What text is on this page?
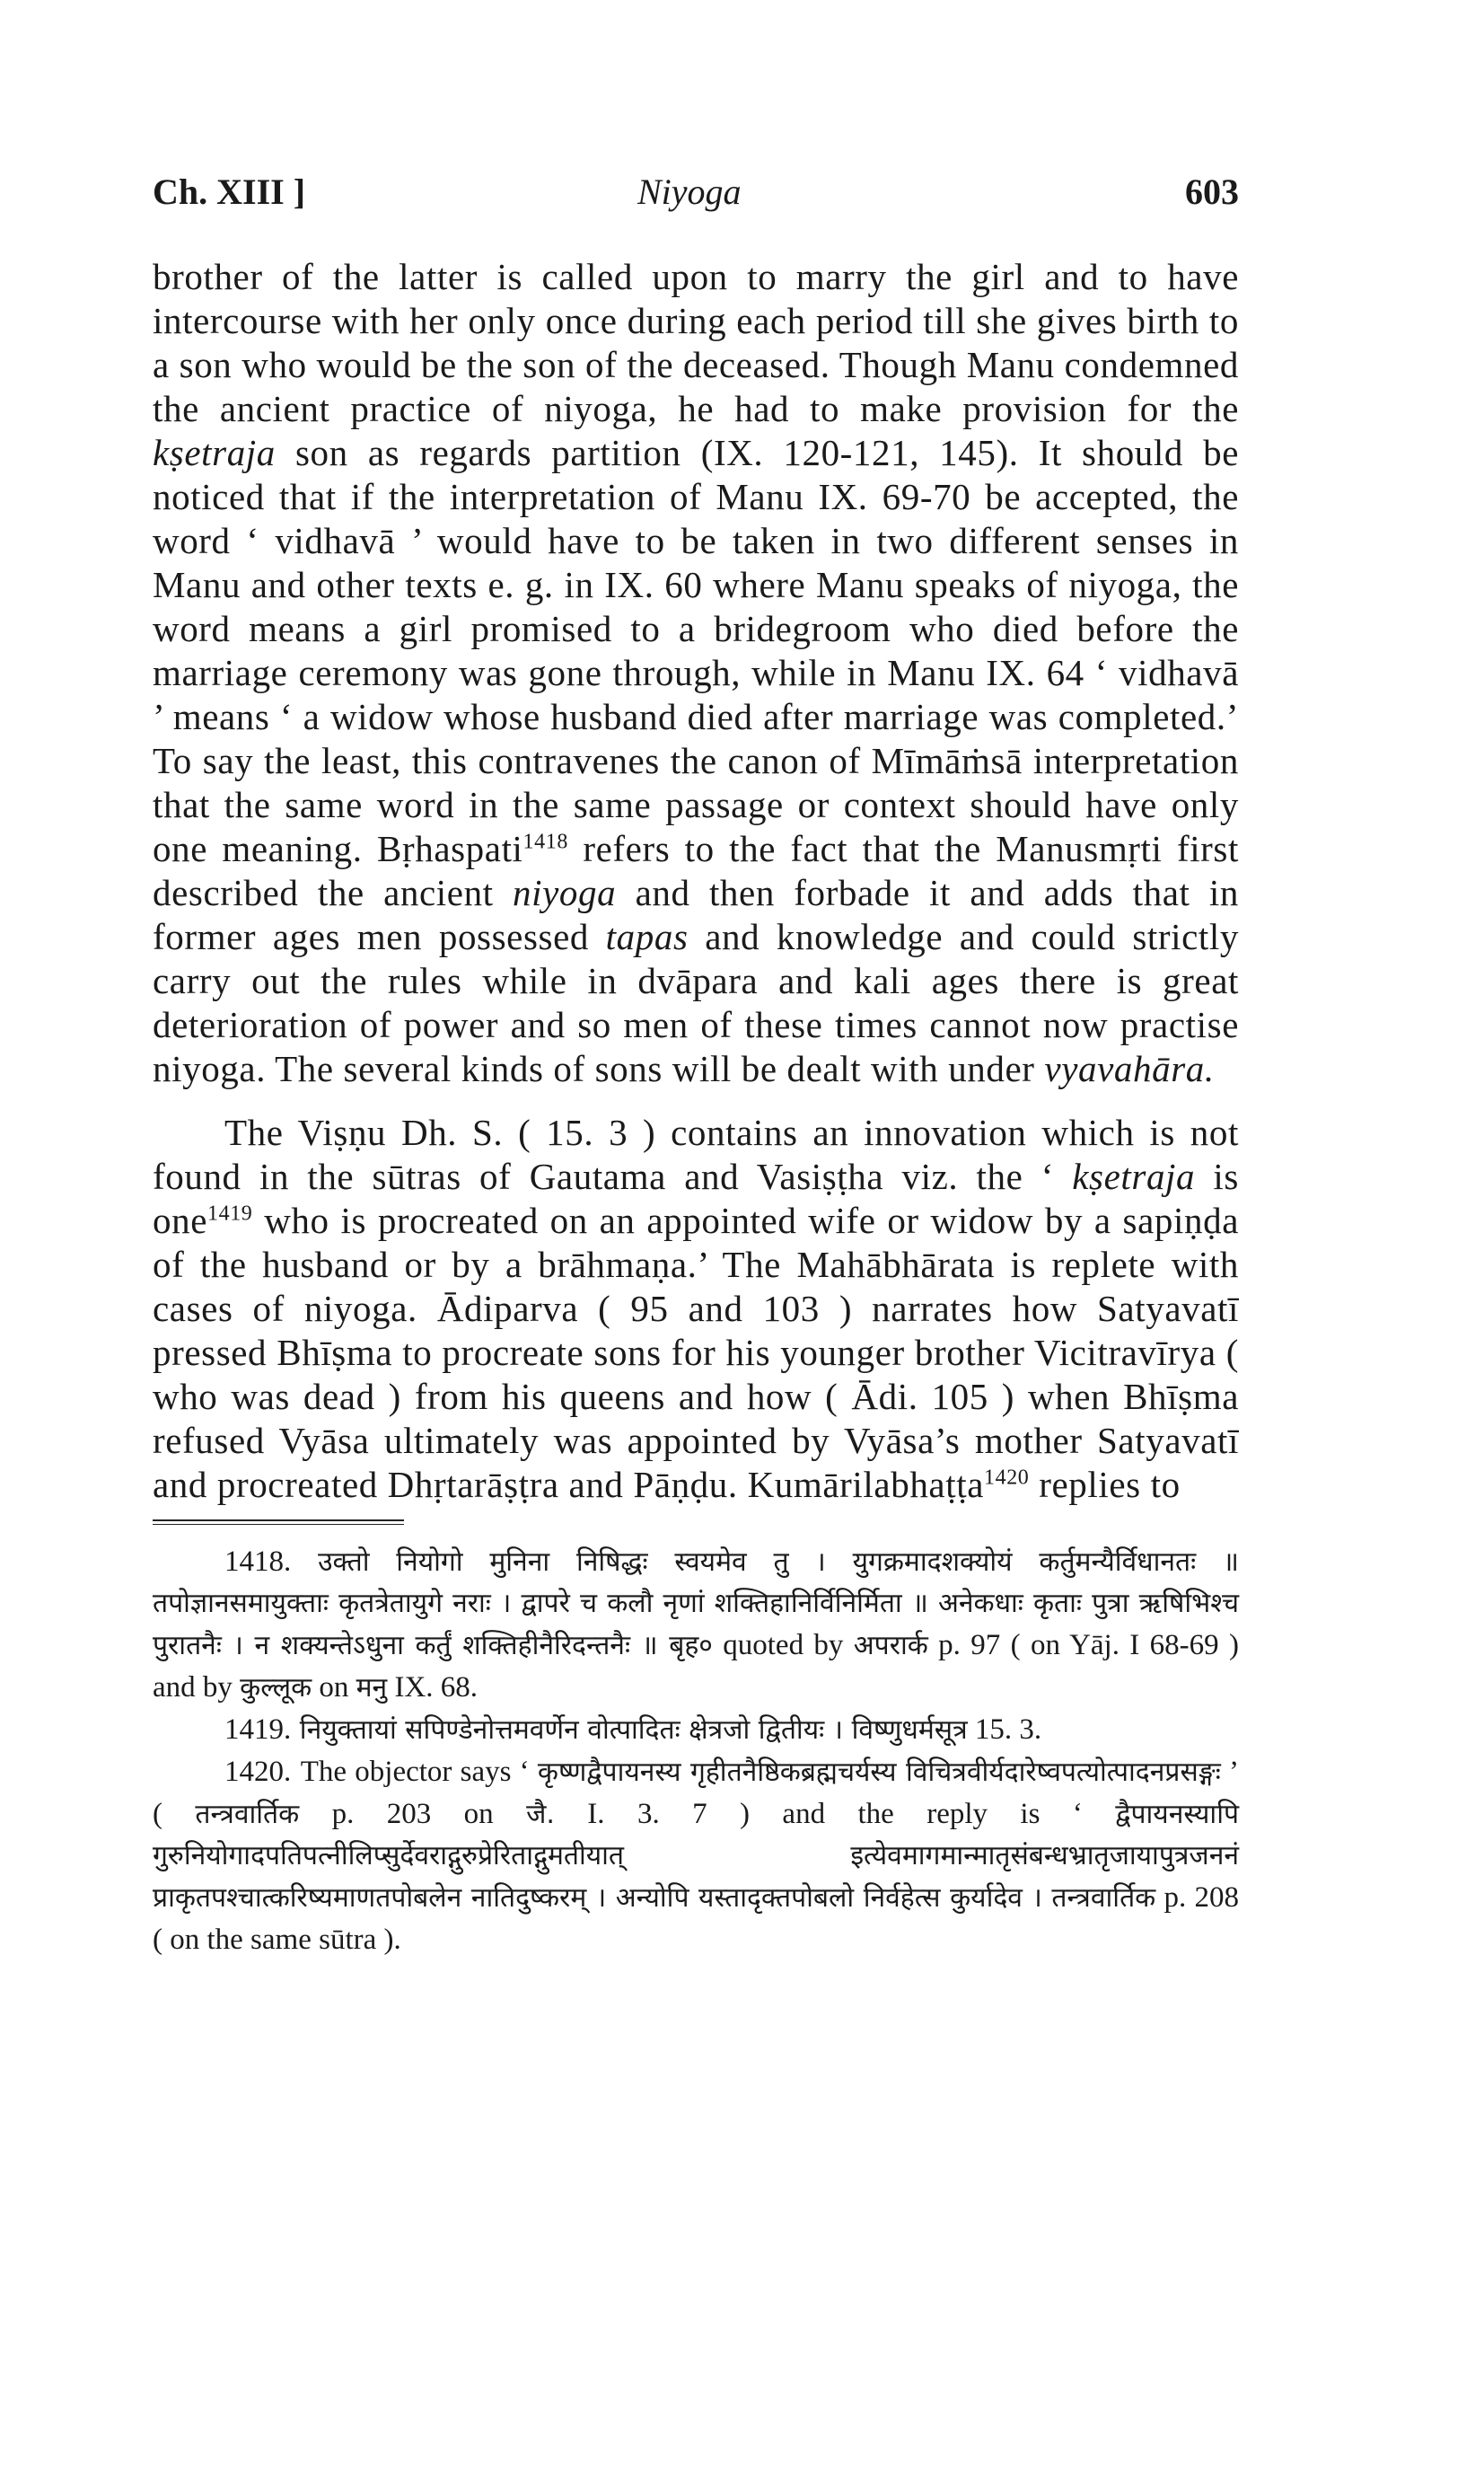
Ch. XIII ]	Niyoga	603

brother of the latter is called upon to marry the girl and to have intercourse with her only once during each period till she gives birth to a son who would be the son of the deceased. Though Manu condemned the ancient practice of niyoga, he had to make provision for the kṣetraja son as regards partition (IX. 120-121, 145). It should be noticed that if the interpretation of Manu IX. 69-70 be accepted, the word ‘ vidhavā ’ would have to be taken in two different senses in Manu and other texts e. g. in IX. 60 where Manu speaks of niyoga, the word means a girl promised to a bridegroom who died before the marriage ceremony was gone through, while in Manu IX. 64 ‘ vidhavā ’ means ‘ a widow whose husband died after marriage was completed.’ To say the least, this contravenes the canon of Mīmāṁsā interpretation that the same word in the same passage or context should have only one meaning. Bṛhaspati$^{1418}$ refers to the fact that the Manusmṛti first described the ancient niyoga and then forbade it and adds that in former ages men possessed tapas and knowledge and could strictly carry out the rules while in dvāpara and kali ages there is great deterioration of power and so men of these times cannot now practise niyoga. The several kinds of sons will be dealt with under vyavahāra.

The Viṣṇu Dh. S. ( 15. 3 ) contains an innovation which is not found in the sūtras of Gautama and Vasiṣṭha viz. the ‘ kṣetraja is one$^{1419}$ who is procreated on an appointed wife or widow by a sapiṇḍa of the husband or by a brāhmaṇa.’ The Mahābhārata is replete with cases of niyoga. Ādiparva ( 95 and 103 ) narrates how Satyavatī pressed Bhīṣma to procreate sons for his younger brother Vicitravīrya ( who was dead ) from his queens and how ( Ādi. 105 ) when Bhīṣma refused Vyāsa ultimately was appointed by Vyāsa’s mother Satyavatī and procreated Dhṛtarāṣṭra and Pāṇḍu. Kumārilabhaṭṭa$^{1420}$ replies to

1418. उक्तो नियोगो मुनिना निषिद्धः स्वयमेव तु । युगक्रमादशक्योयं कर्तुमन्यैर्विधानतः ॥ तपोज्ञानसमायुक्ताः कृतत्रेतायुगे नराः । द्वापरे च कलौ नृणां शक्तिहानिर्विनिर्मिता ॥ अनेकधाः कृताः पुत्रा ऋषिभिश्च पुरातनैः । न शक्यन्तेऽधुना कर्तुं शक्तिहीनैरिदन्तनैः ॥ बृह० quoted by अपरार्क p. 97 ( on Yāj. I 68-69 ) and by कुल्लूक on मनु IX. 68.

1419. नियुक्तायां सपिण्डेनोत्तमवर्णेन वोत्पादितः क्षेत्रजो द्वितीयः । विष्णुधर्मसूत्र 15. 3.

1420. The objector says ‘ कृष्णद्वैपायनस्य गृहीतनैष्ठिकब्रह्मचर्यस्य विचित्रवीर्यदारेष्वपत्योत्पादनप्रसङ्गः ’ ( तन्त्रवार्तिक p. 203 on जै. I. 3. 7 ) and the reply is ‘ द्वैपायनस्यापि गुरुनियोगादपतिपत्नीलिप्सुर्देवराद्गुरुप्रेरिताद्गुमतीयात् इत्येवमागमान्मातृसंबन्धभ्रातृजायापुत्रजननं प्राकृतपश्चात्करिष्यमाणतपोबलेन नातिदुष्करम् । अन्योपि यस्तादृक्तपोबलो निर्वहेत्स कुर्यादेव । तन्त्रवार्तिक p. 208 ( on the same sūtra ).
